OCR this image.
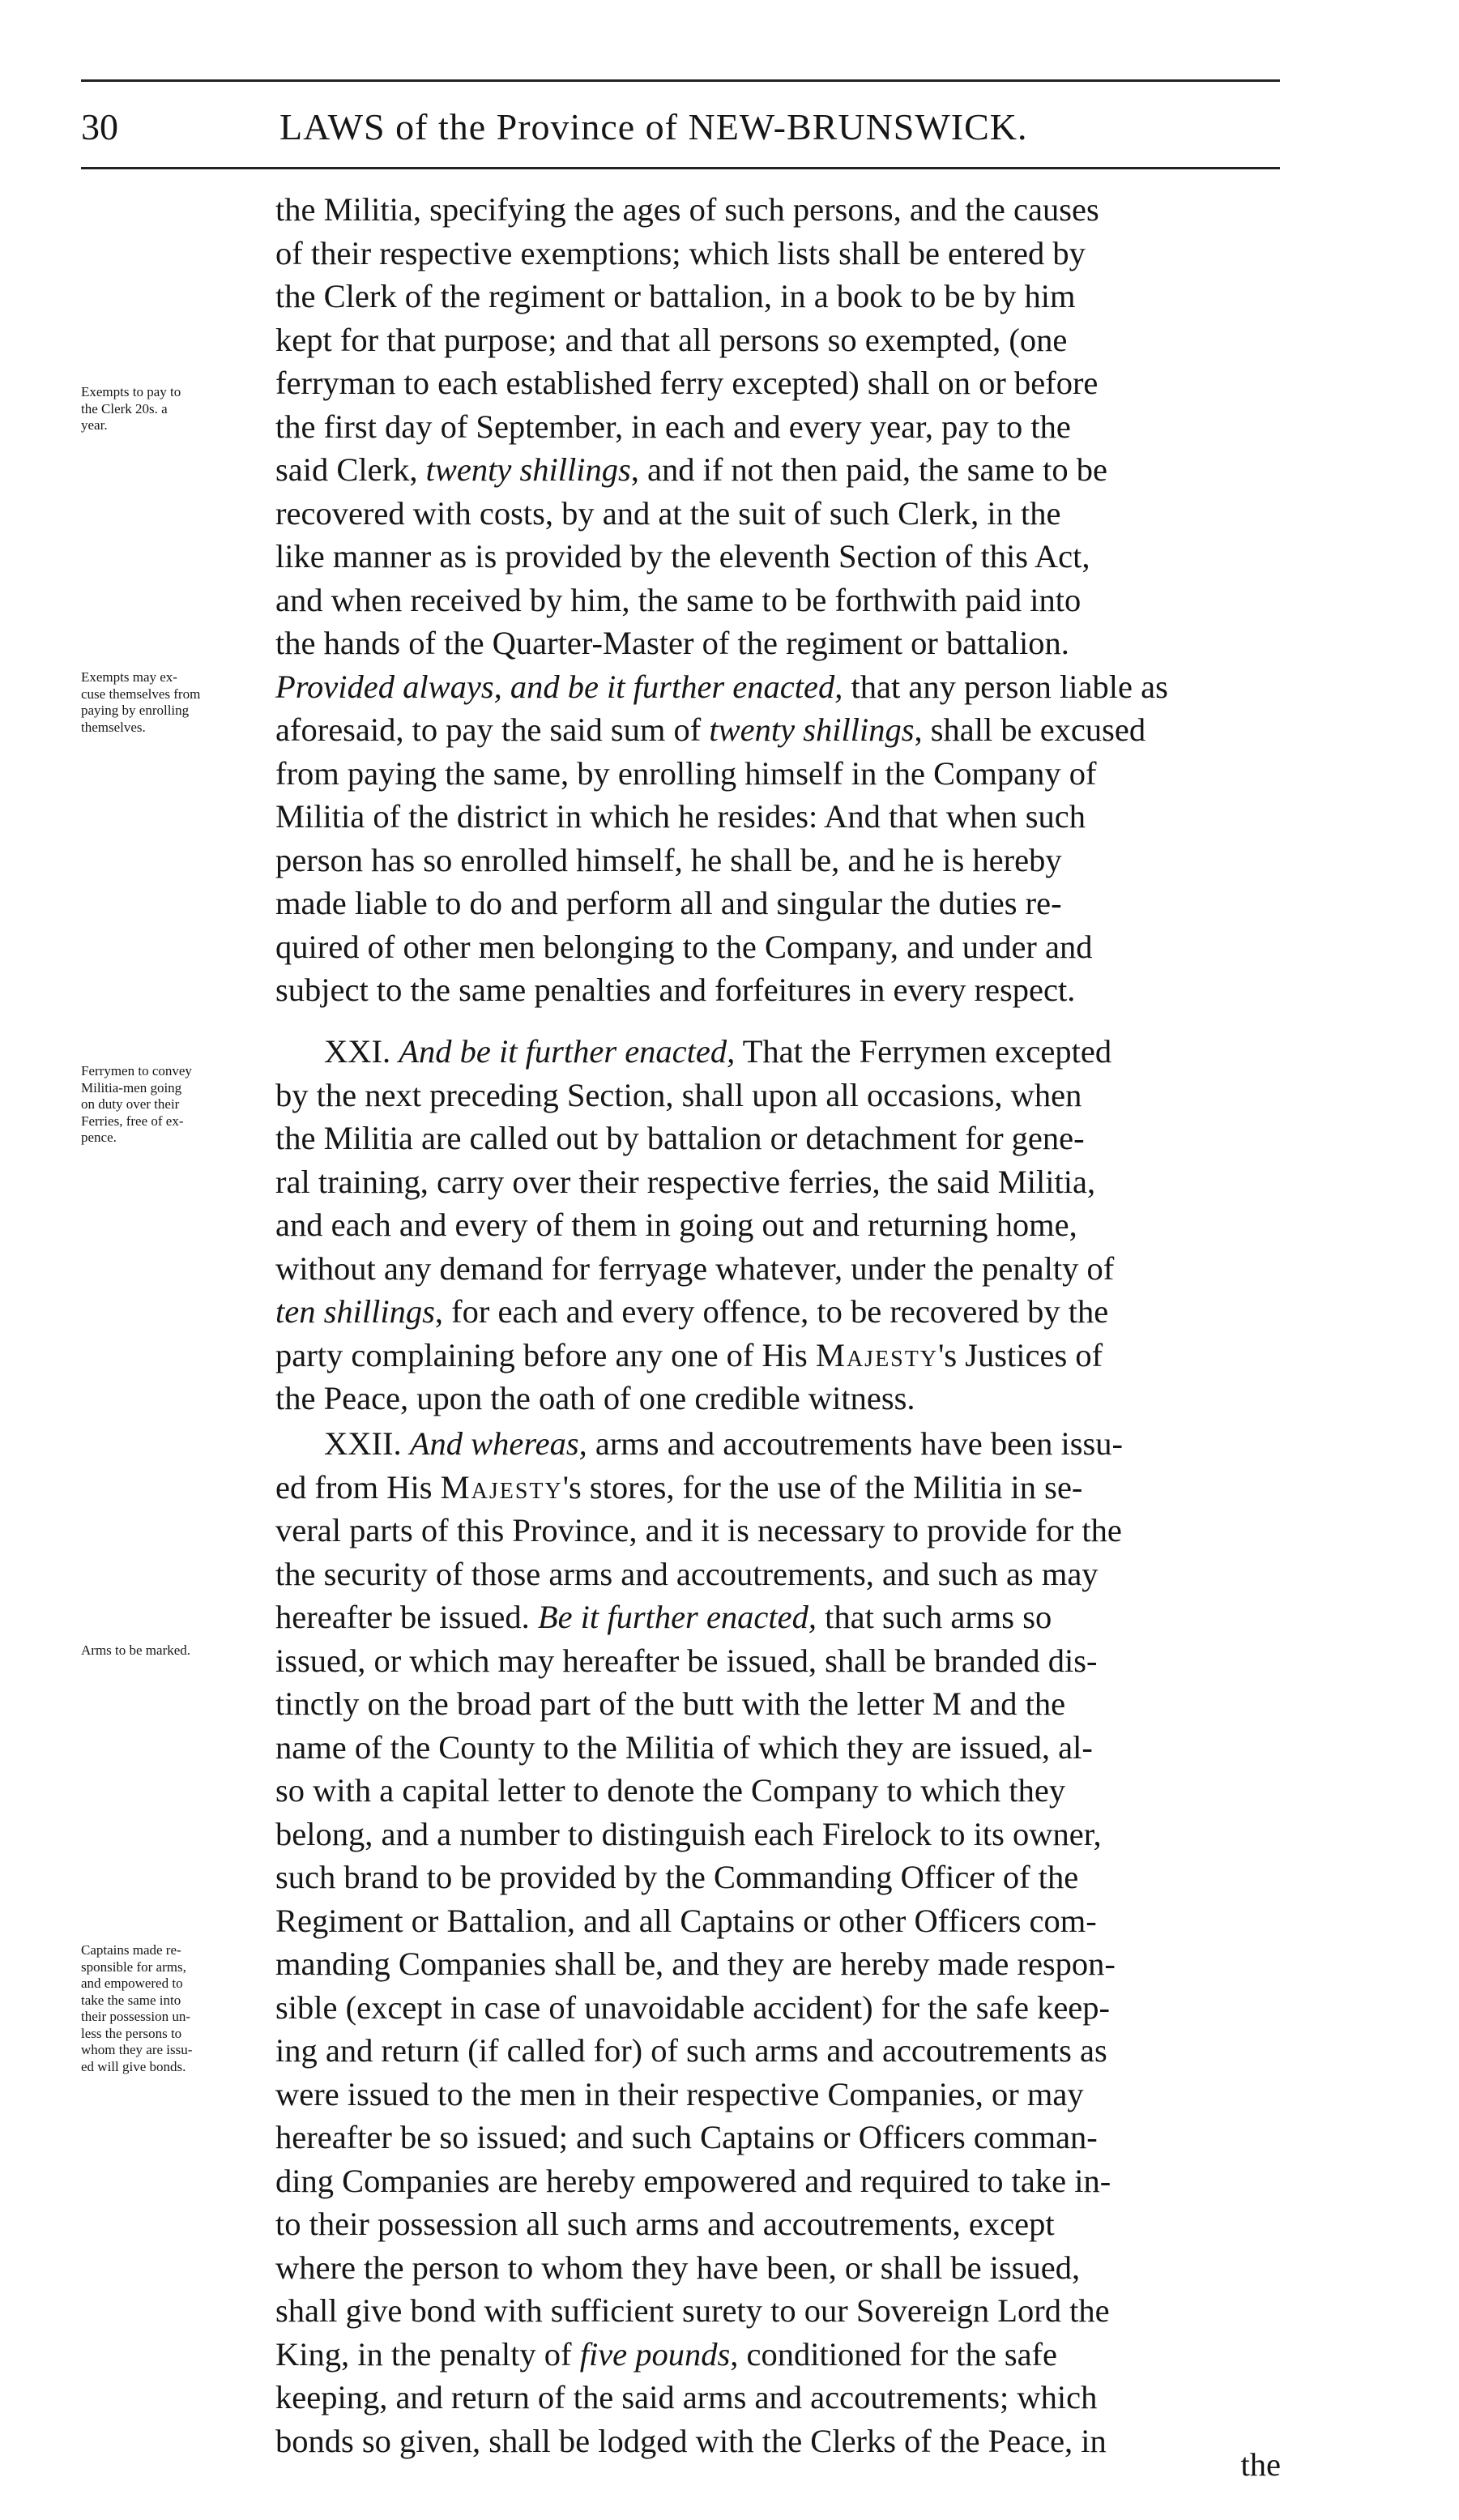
30	LAWS of the Province of NEW-BRUNSWICK.
the Militia, specifying the ages of such persons, and the causes
of their respective exemptions; which lists shall be entered by
the Clerk of the regiment or battalion, in a book to be by him
kept for that purpose; and that all persons so exempted, (one
ferryman to each established ferry excepted) shall on or before
the first day of September, in each and every year, pay to the
said Clerk, twenty shillings, and if not then paid, the same to be
recovered with costs, by and at the suit of such Clerk, in the
like manner as is provided by the eleventh Section of this Act,
and when received by him, the same to be forthwith paid into
the hands of the Quarter-Master of the regiment or battalion.
Provided always, and be it further enacted, that any person liable as
aforesaid, to pay the said sum of twenty shillings, shall be excused
from paying the same, by enrolling himself in the Company of
Militia of the district in which he resides: And that when such
person has so enrolled himself, he shall be, and he is hereby
made liable to do and perform all and singular the duties re-
quired of other men belonging to the Company, and under and
subject to the same penalties and forfeitures in every respect.
XXI. And be it further enacted, That the Ferrymen excepted
by the next preceding Section, shall upon all occasions, when
the Militia are called out by battalion or detachment for gene-
ral training, carry over their respective ferries, the said Militia,
and each and every of them in going out and returning home,
without any demand for ferryage whatever, under the penalty of
ten shillings, for each and every offence, to be recovered by the
party complaining before any one of His Majesty's Justices of
the Peace, upon the oath of one credible witness.
XXII. And whereas, arms and accoutrements have been issu-
ed from His Majesty's stores, for the use of the Militia in se-
veral parts of this Province, and it is necessary to provide for the
the security of those arms and accoutrements, and such as may
hereafter be issued. Be it further enacted, that such arms so
issued, or which may hereafter be issued, shall be branded dis-
tinctly on the broad part of the butt with the letter M and the
name of the County to the Militia of which they are issued, al-
so with a capital letter to denote the Company to which they
belong, and a number to distinguish each Firelock to its owner,
such brand to be provided by the Commanding Officer of the
Regiment or Battalion, and all Captains or other Officers com-
manding Companies shall be, and they are hereby made respon-
sible (except in case of unavoidable accident) for the safe keep-
ing and return (if called for) of such arms and accoutrements as
were issued to the men in their respective Companies, or may
hereafter be so issued; and such Captains or Officers comman-
ding Companies are hereby empowered and required to take in-
to their possession all such arms and accoutrements, except
where the person to whom they have been, or shall be issued,
shall give bond with sufficient surety to our Sovereign Lord the
King, in the penalty of five pounds, conditioned for the safe
keeping, and return of the said arms and accoutrements; which
bonds so given, shall be lodged with the Clerks of the Peace, in
Exempts to pay to
the Clerk 20s. a
year.
Exempts may ex-
cuse themselves from
paying by enrolling
themselves.
Ferrymen to convey
Militia-men going
on duty over their
Ferries, free of ex-
pence.
Arms to be marked.
Captains made re-
sponsible for arms,
and empowered to
take the same into
their possession un-
less the persons to
whom they are issu-
ed will give bonds.
the
